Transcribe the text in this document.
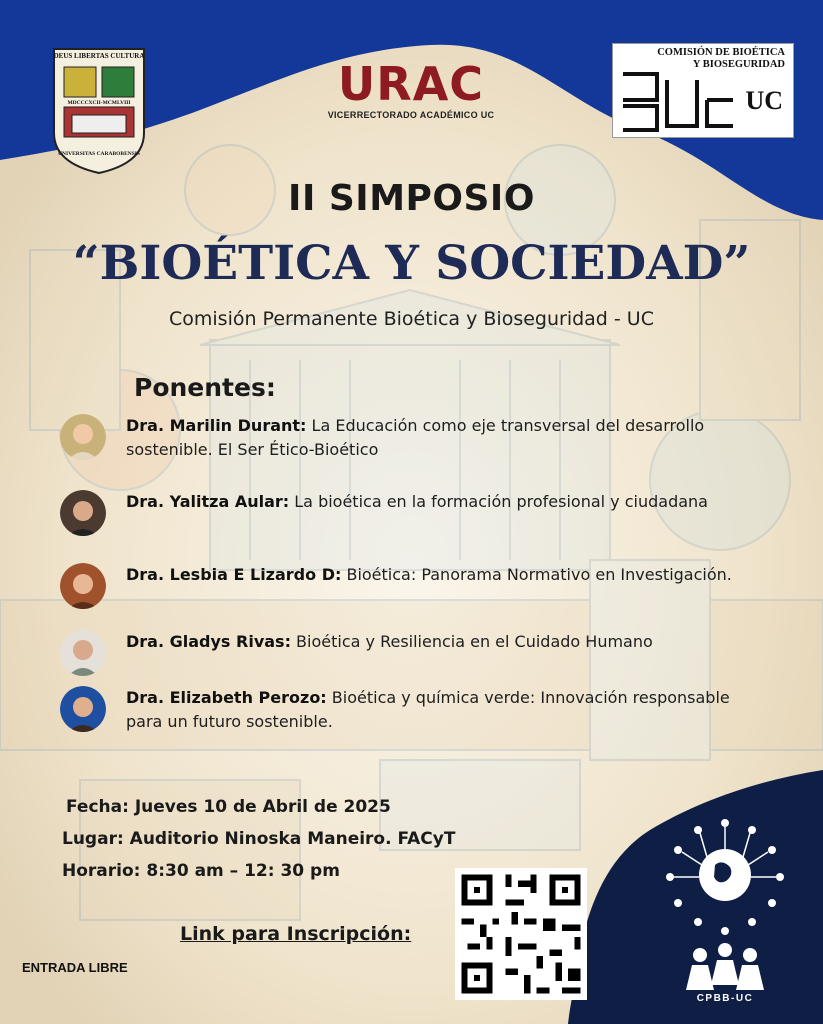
DEUS LIBERTAS CULTURA
MDCCCXCII-MCMLVIII
UNIVERSITAS CARABOBENSIS
URAC
VICERRECTORADO ACADÉMICO UC
COMISIÓN DE BIOÉTICA
Y BIOSEGURIDAD
UC
II SIMPOSIO
“BIOÉTICA Y SOCIEDAD”
Comisión Permanente Bioética y Bioseguridad - UC
Ponentes:
Dra. Marilin Durant: La Educación como eje transversal del desarrollo sostenible. El Ser Ético-Bioético
Dra. Yalitza Aular: La bioética en la formación profesional y ciudadana
Dra. Lesbia E Lizardo D: Bioética: Panorama Normativo en Investigación.
Dra. Gladys Rivas: Bioética y Resiliencia en el Cuidado Humano
Dra. Elizabeth Perozo: Bioética y química verde: Innovación responsable para un futuro sostenible.
Fecha: Jueves 10 de Abril de 2025
Lugar: Auditorio Ninoska Maneiro. FACyT
Horario: 8:30 am – 12: 30 pm
Link para Inscripción:
ENTRADA LIBRE
CPBB-UC
